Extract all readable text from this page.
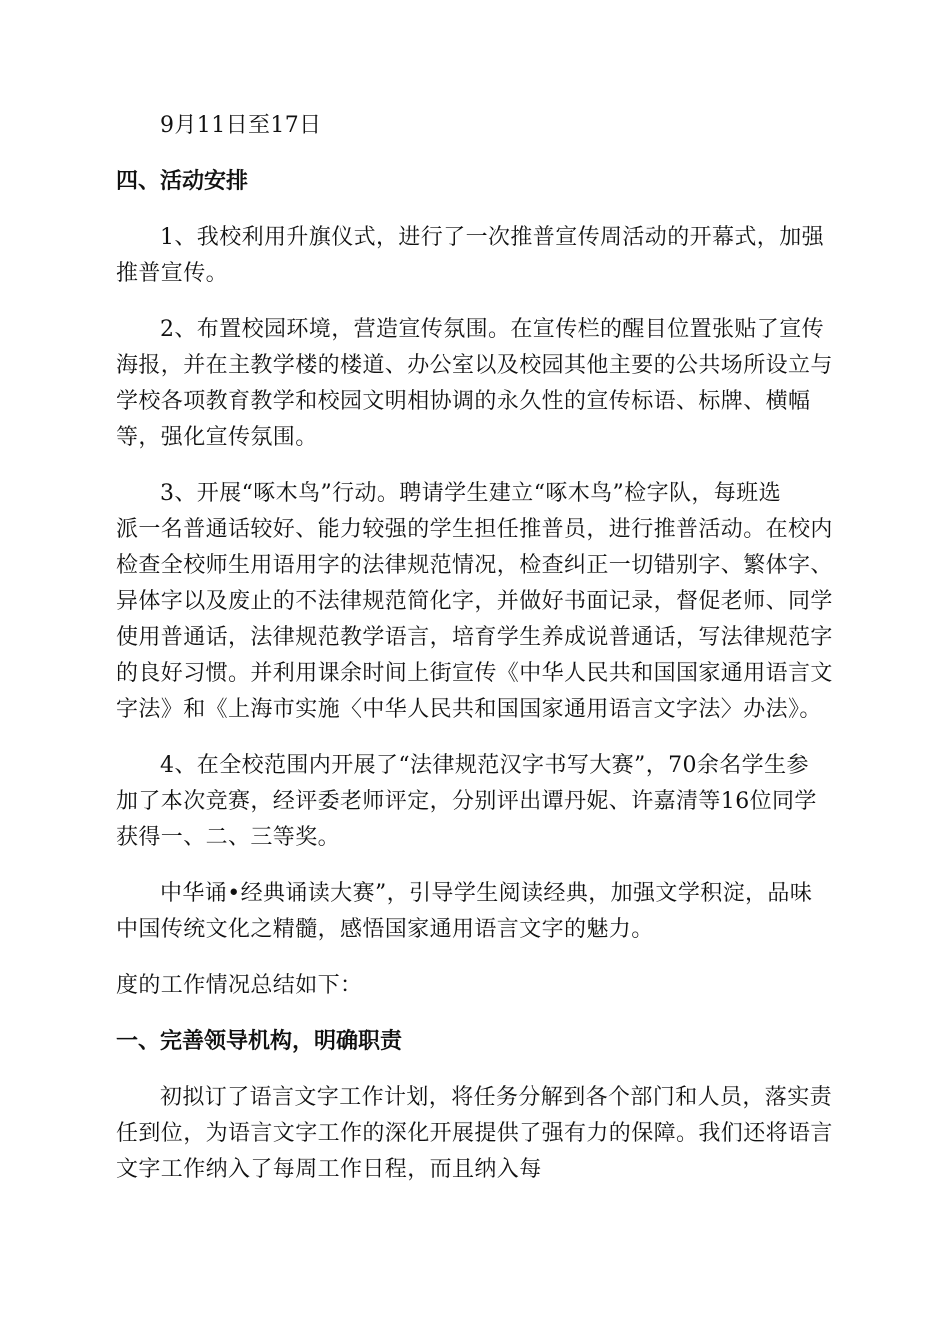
9月11日至17日
四、活动安排
1、我校利用升旗仪式，进行了一次推普宣传周活动的开幕式，加强
推普宣传。
2、布置校园环境，营造宣传氛围。在宣传栏的醒目位置张贴了宣传
海报，并在主教学楼的楼道、办公室以及校园其他主要的公共场所设立与
学校各项教育教学和校园文明相协调的永久性的宣传标语、标牌、横幅
等，强化宣传氛围。
3、开展“啄木鸟”行动。聘请学生建立“啄木鸟”检字队，每班选
派一名普通话较好、能力较强的学生担任推普员，进行推普活动。在校内
检查全校师生用语用字的法律规范情况，检查纠正一切错别字、繁体字、
异体字以及废止的不法律规范简化字，并做好书面记录，督促老师、同学
使用普通话，法律规范教学语言，培育学生养成说普通话，写法律规范字
的良好习惯。并利用课余时间上街宣传《中华人民共和国国家通用语言文
字法》和《上海市实施〈中华人民共和国国家通用语言文字法〉办法》。
4、在全校范围内开展了“法律规范汉字书写大赛”，70余名学生参
加了本次竞赛，经评委老师评定，分别评出谭丹妮、许嘉清等16位同学
获得一、二、三等奖。
中华诵•经典诵读大赛”，引导学生阅读经典，加强文学积淀，品味
中国传统文化之精髓，感悟国家通用语言文字的魅力。
度的工作情况总结如下：
一、完善领导机构，明确职责
初拟订了语言文字工作计划，将任务分解到各个部门和人员，落实责
任到位，为语言文字工作的深化开展提供了强有力的保障。我们还将语言
文字工作纳入了每周工作日程，而且纳入每
